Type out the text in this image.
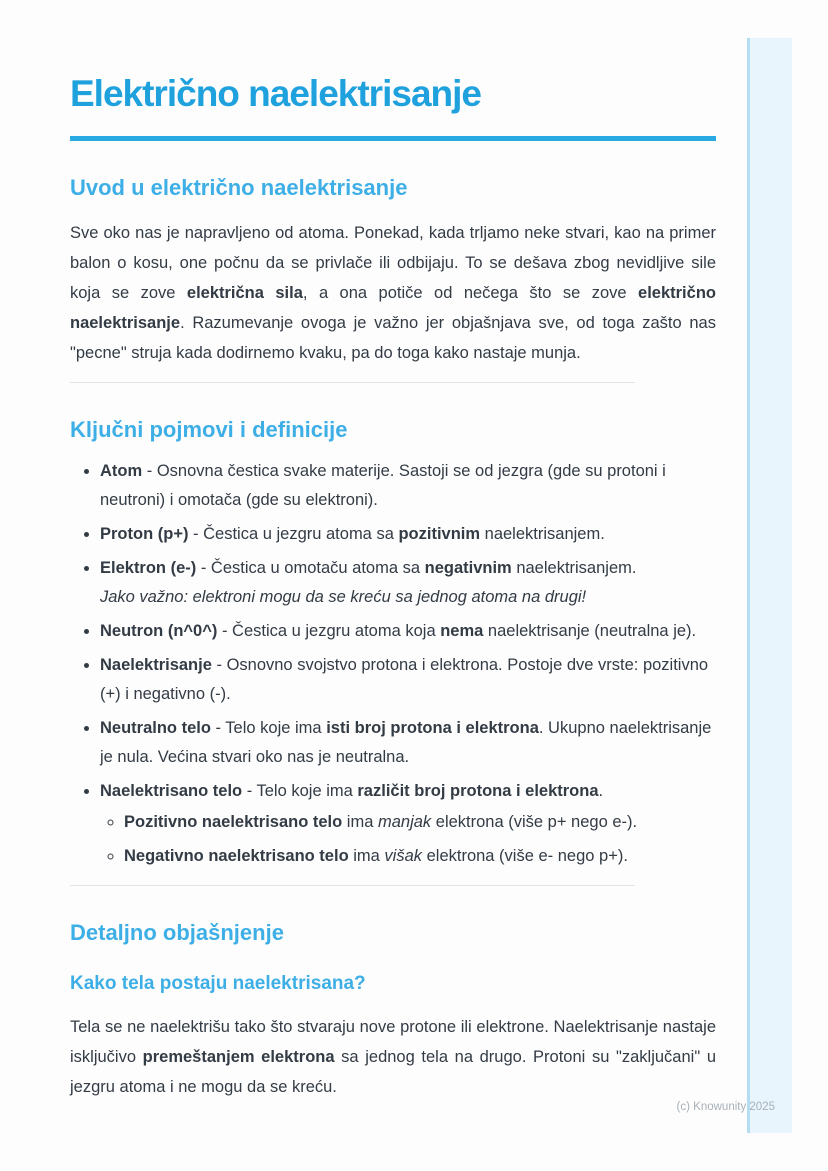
Električno naelektrisanje
Uvod u električno naelektrisanje

Sve oko nas je napravljeno od atoma. Ponekad, kada trljamo neke stvari, kao na primer balon o kosu, one počnu da se privlače ili odbijaju. To se dešava zbog nevidljive sile koja se zove električna sila, a ona potiče od nečega što se zove električno naelektrisanje. Razumevanje ovoga je važno jer objašnjava sve, od toga zašto nas "pecne" struja kada dodirnemo kvaku, pa do toga kako nastaje munja.

Ključni pojmovi i definicije
• Atom - Osnovna čestica svake materije. Sastoji se od jezgra (gde su protoni i neutroni) i omotača (gde su elektroni).
• Proton (p+) - Čestica u jezgru atoma sa pozitivnim naelektrisanjem.
• Elektron (e-) - Čestica u omotaču atoma sa negativnim naelektrisanjem.
Jako važno: elektroni mogu da se kreću sa jednog atoma na drugi!
• Neutron (n^0^) - Čestica u jezgru atoma koja nema naelektrisanje (neutralna je).
• Naelektrisanje - Osnovno svojstvo protona i elektrona. Postoje dve vrste: pozitivno (+) i negativno (-).
• Neutralno telo - Telo koje ima isti broj protona i elektrona. Ukupno naelektrisanje je nula. Većina stvari oko nas je neutralna.
• Naelektrisano telo - Telo koje ima različit broj protona i elektrona.
◦ Pozitivno naelektrisano telo ima manjak elektrona (više p+ nego e-).
◦ Negativno naelektrisano telo ima višak elektrona (više e- nego p+).
Detaljno objašnjenje
Kako tela postaju naelektrisana?

Tela se ne naelektrišu tako što stvaraju nove protone ili elektrone. Naelektrisanje nastaje isključivo premeštanjem elektrona sa jednog tela na drugo. Protoni su "zaključani" u jezgru atoma i ne mogu da se kreću.

(c) Knowunity 2025
